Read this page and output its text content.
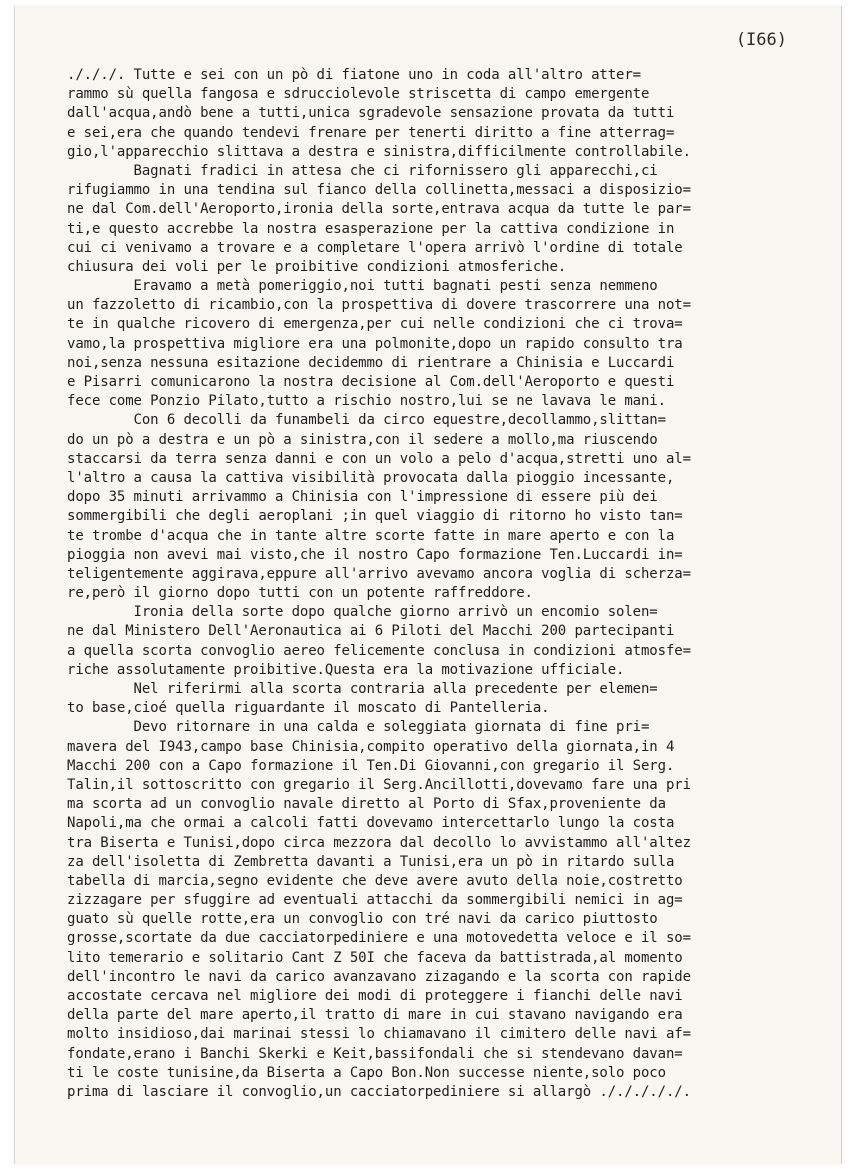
(I66)

./././. Tutte e sei con un pò di fiatone uno in coda all'altro atter=
rammo sù quella fangosa e sdrucciolevole striscetta di campo emergente
dall'acqua,andò bene a tutti,unica sgradevole sensazione provata da tutti
e sei,era che quando tendevi frenare per tenerti diritto a fine atterrag=
gio,l'apparecchio slittava a destra e sinistra,difficilmente controllabile.
Bagnati fradici in attesa che ci rifornissero gli apparecchi,ci
rifugiammo in una tendina sul fianco della collinetta,messaci a disposizio=
ne dal Com.dell'Aeroporto,ironia della sorte,entrava acqua da tutte le par=
ti,e questo accrebbe la nostra esasperazione per la cattiva condizione in
cui ci venivamo a trovare e a completare l'opera arrivò l'ordine di totale
chiusura dei voli per le proibitive condizioni atmosferiche.
Eravamo a metà pomeriggio,noi tutti bagnati pesti senza nemmeno
un fazzoletto di ricambio,con la prospettiva di dovere trascorrere una not=
te in qualche ricovero di emergenza,per cui nelle condizioni che ci trova=
vamo,la prospettiva migliore era una polmonite,dopo un rapido consulto tra
noi,senza nessuna esitazione decidemmo di rientrare a Chinisia e Luccardi
e Pisarri comunicarono la nostra decisione al Com.dell'Aeroporto e questi
fece come Ponzio Pilato,tutto a rischio nostro,lui se ne lavava le mani.
Con 6 decolli da funambeli da circo equestre,decollammo,slittan=
do un pò a destra e un pò a sinistra,con il sedere a mollo,ma riuscendo
staccarsi da terra senza danni e con un volo a pelo d'acqua,stretti uno al=
l'altro a causa la cattiva visibilità provocata dalla pioggio incessante,
dopo 35 minuti arrivammo a Chinisia con l'impressione di essere più dei
sommergibili che degli aeroplani ;in quel viaggio di ritorno ho visto tan=
te trombe d'acqua che in tante altre scorte fatte in mare aperto e con la
pioggia non avevi mai visto,che il nostro Capo formazione Ten.Luccardi in=
teligentemente aggirava,eppure all'arrivo avevamo ancora voglia di scherza=
re,però il giorno dopo tutti con un potente raffreddore.
Ironia della sorte dopo qualche giorno arrivò un encomio solen=
ne dal Ministero Dell'Aeronautica ai 6 Piloti del Macchi 200 partecipanti
a quella scorta convoglio aereo felicemente conclusa in condizioni atmosfe=
riche assolutamente proibitive.Questa era la motivazione ufficiale.
Nel riferirmi alla scorta contraria alla precedente per elemen=
to base,cioé quella riguardante il moscato di Pantelleria.
Devo ritornare in una calda e soleggiata giornata di fine pri=
mavera del I943,campo base Chinisia,compito operativo della giornata,in 4
Macchi 200 con a Capo formazione il Ten.Di Giovanni,con gregario il Serg.
Talin,il sottoscritto con gregario il Serg.Ancillotti,dovevamo fare una pri
ma scorta ad un convoglio navale diretto al Porto di Sfax,proveniente da
Napoli,ma che ormai a calcoli fatti dovevamo intercettarlo lungo la costa
tra Biserta e Tunisi,dopo circa mezzora dal decollo lo avvistammo all'altez
za dell'isoletta di Zembretta davanti a Tunisi,era un pò in ritardo sulla
tabella di marcia,segno evidente che deve avere avuto della noie,costretto
zizzagare per sfuggire ad eventuali attacchi da sommergibili nemici in ag=
guato sù quelle rotte,era un convoglio con tré navi da carico piuttosto
grosse,scortate da due cacciatorpediniere e una motovedetta veloce e il so=
lito temerario e solitario Cant Z 50I che faceva da battistrada,al momento
dell'incontro le navi da carico avanzavano zizagando e la scorta con rapide
accostate cercava nel migliore dei modi di proteggere i fianchi delle navi
della parte del mare aperto,il tratto di mare in cui stavano navigando era
molto insidioso,dai marinai stessi lo chiamavano il cimitero delle navi af=
fondate,erano i Banchi Skerki e Keit,bassifondali che si stendevano davan=
ti le coste tunisine,da Biserta a Capo Bon.Non successe niente,solo poco
prima di lasciare il convoglio,un cacciatorpediniere si allargò ./././././.
